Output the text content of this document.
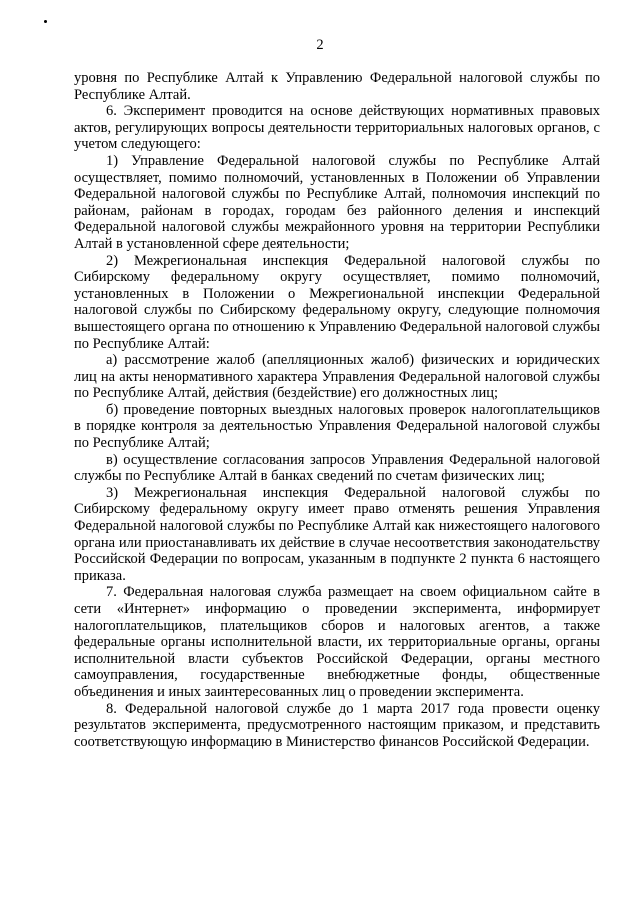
2

уровня по Республике Алтай к Управлению Федеральной налоговой службы по Республике Алтай.

6. Эксперимент проводится на основе действующих нормативных правовых актов, регулирующих вопросы деятельности территориальных налоговых органов, с учетом следующего:

1) Управление Федеральной налоговой службы по Республике Алтай осуществляет, помимо полномочий, установленных в Положении об Управлении Федеральной налоговой службы по Республике Алтай, полномочия инспекций по районам, районам в городах, городам без районного деления и инспекций Федеральной налоговой службы межрайонного уровня на территории Республики Алтай в установленной сфере деятельности;

2) Межрегиональная инспекция Федеральной налоговой службы по Сибирскому федеральному округу осуществляет, помимо полномочий, установленных в Положении о Межрегиональной инспекции Федеральной налоговой службы по Сибирскому федеральному округу, следующие полномочия вышестоящего органа по отношению к Управлению Федеральной налоговой службы по Республике Алтай:

а) рассмотрение жалоб (апелляционных жалоб) физических и юридических лиц на акты ненормативного характера Управления Федеральной налоговой службы по Республике Алтай, действия (бездействие) его должностных лиц;

б) проведение повторных выездных налоговых проверок налогоплательщиков в порядке контроля за деятельностью Управления Федеральной налоговой службы по Республике Алтай;

в) осуществление согласования запросов Управления Федеральной налоговой службы по Республике Алтай в банках сведений по счетам физических лиц;

3) Межрегиональная инспекция Федеральной налоговой службы по Сибирскому федеральному округу имеет право отменять решения Управления Федеральной налоговой службы по Республике Алтай как нижестоящего налогового органа или приостанавливать их действие в случае несоответствия законодательству Российской Федерации по вопросам, указанным в подпункте 2 пункта 6 настоящего приказа.

7. Федеральная налоговая служба размещает на своем официальном сайте в сети «Интернет» информацию о проведении эксперимента, информирует налогоплательщиков, плательщиков сборов и налоговых агентов, а также федеральные органы исполнительной власти, их территориальные органы, органы исполнительной власти субъектов Российской Федерации, органы местного самоуправления, государственные внебюджетные фонды, общественные объединения и иных заинтересованных лиц о проведении эксперимента.

8. Федеральной налоговой службе до 1 марта 2017 года провести оценку результатов эксперимента, предусмотренного настоящим приказом, и представить соответствующую информацию в Министерство финансов Российской Федерации.
